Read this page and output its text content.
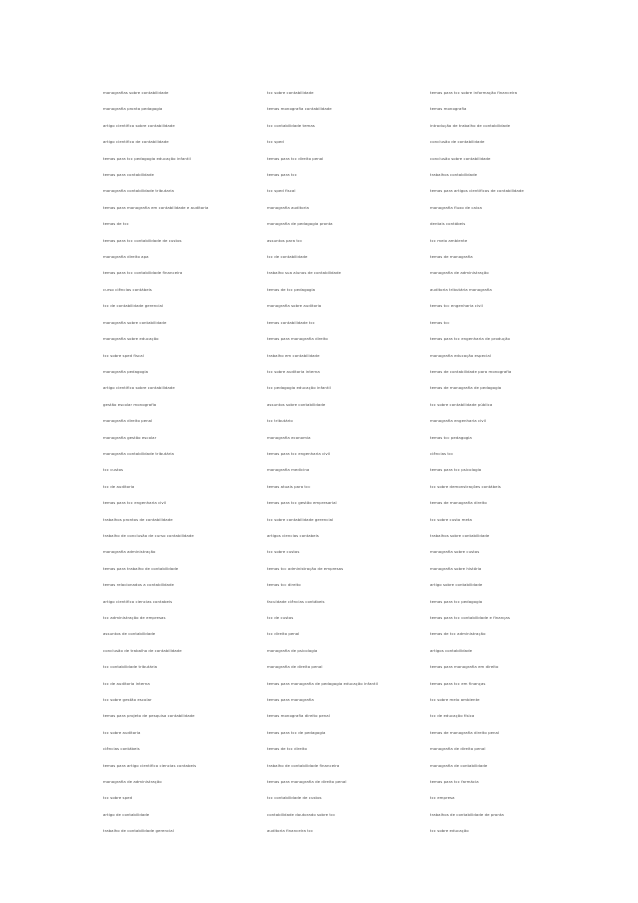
monografias sobre contabilidade
monografia pronta pedagogia
artigo cientifico sobre contabilidade
artigo cientifico de contabilidade
temas para tcc pedagogia educação infantil
temas para contabilidade
monografia contabilidade tributaria
temas para monografia em contabilidade e auditoria
temas de tcc
temas para tcc contabilidade de custos
monografia direito apa
temas para tcc contabilidade financeira
curso ciências contábeis
tcc de contabilidade gerencial
monografia sobre contabilidade
monografia sobre educação
tcc sobre sped fiscal
monografia pedagogia
artigo cientifico sobre contabilidade
gestão escolar monografia
monografia direito penal
monografia gestão escolar
monografia contabilidade tributária
tcc custos
tcc de auditoria
temas para tcc engenharia civil
trabalhos prontos de contabilidade
trabalho de conclusão de curso contabilidade
monografia administração
temas para trabalho de contabilidade
temas relacionados a contabilidade
artigo cientifico ciencias contabeis
tcc administração de empresas
assuntos de contabilidade
conclusão de trabalho de contabilidade
tcc contabilidade tributária
tcc de auditoria interna
tcc sobre gestão escolar
temas para projeto de pesquisa contabilidade
tcc sobre auditoria
ciências contábeis
temas para artigo cientifico ciencias contabeis
monografia de administração
tcc sobre sped
artigo de contabilidade
trabalho de contabilidade gerencial
tcc sobre contabilidade
temas monografia contabilidade
tcc contabilidade temas
tcc sped
temas para tcc direito penal
temas para tcc
tcc sped fiscal
monografia auditoria
monografia de pedagogia pronta
assuntos para tcc
tcc de contabilidade
trabalho sua alunos de contabilidade
temas de tcc pedagogia
monografia sobre auditoria
temas contabilidade tcc
temas para monografia direito
trabalho em contabilidade
tcc sobre auditoria interna
tcc pedagogia educação infantil
assuntos sobre contabilidade
tcc tributário
monografia economia
temas para tcc engenharia civil
monografia medicina
temas atuais para tcc
temas para tcc gestão empresarial
tcc sobre contabilidade gerencial
artigos ciencias contabeis
tcc sobre custos
temas tcc administração de empresas
temas tcc direito
faculdade ciências contábeis
tcc de custos
tcc direito penal
monografia de psicologia
monografia de direito penal
temas para monografia de pedagogia educação infantil
temas para monografia
temas monografia direito penal
temas para tcc de pedagogia
temas de tcc direito
trabalho de contabilidade financeira
temas para monografia de direito penal
tcc contabilidade de custos
contabilidade doutorado sobre tcc
auditoria financeira tcc
temas para tcc sobre informação financeira
temas monografia
introdução de trabalho de contabilidade
conclusão de contabilidade
conclusão sobre contabilidade
trabalhos contabilidade
temas para artigos cientificos de contabilidade
monografia fluxo de caixa
dentais contábeis
tcc meio ambiente
temas de monografia
monografia de administração
auditoria tributária monografia
temas tcc engenharia civil
temas tcc
temas para tcc engenharia de produção
monografia educação especial
temas de contabilidade para monografia
temas de monografia de pedagogia
tcc sobre contabilidade pública
monografia engenharia civil
temas tcc pedagogia
ciências tcc
temas para tcc psicologia
tcc sobre demonstrações contábeis
temas de monografia direito
tcc sobre custo meta
trabalhos sobre contabilidade
monografia sobre custos
monografia sobre história
artigo sobre contabilidade
temas para tcc pedagogia
temas para tcc contabilidade e finanças
temas de tcc administração
artigos contabilidade
temas para monografia em direito
temas para tcc em finanças
tcc sobre meio ambiente
tcc de educação física
temas de monografia direito penal
monografia de direito penal
monografia de contabilidade
temas para tcc farmácia
tcc empresa
trabalhos de contabilidade de pronta
tcc sobre educação
